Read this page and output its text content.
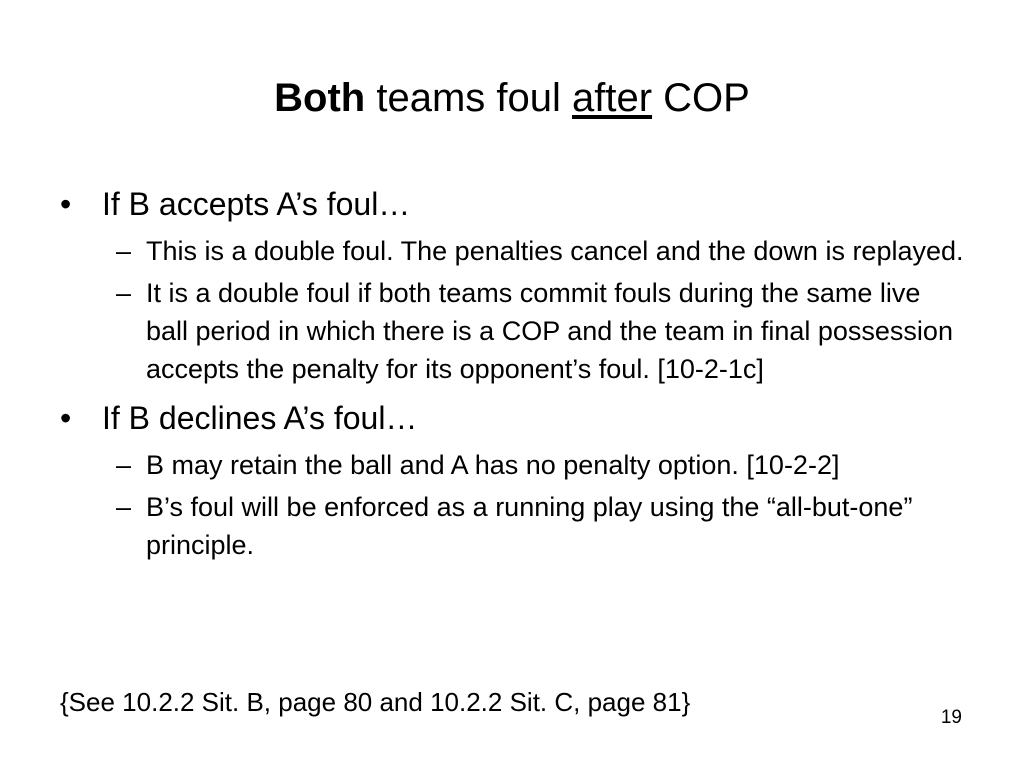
Both teams foul after COP
• If B accepts A’s foul…
– This is a double foul. The penalties cancel and the down is replayed.
– It is a double foul if both teams commit fouls during the same live ball period in which there is a COP and the team in final possession accepts the penalty for its opponent’s foul. [10-2-1c]
• If B declines A’s foul…
– B may retain the ball and A has no penalty option. [10-2-2]
– B’s foul will be enforced as a running play using the “all-but-one” principle.
{See 10.2.2 Sit. B, page 80 and 10.2.2 Sit. C, page 81}
19
